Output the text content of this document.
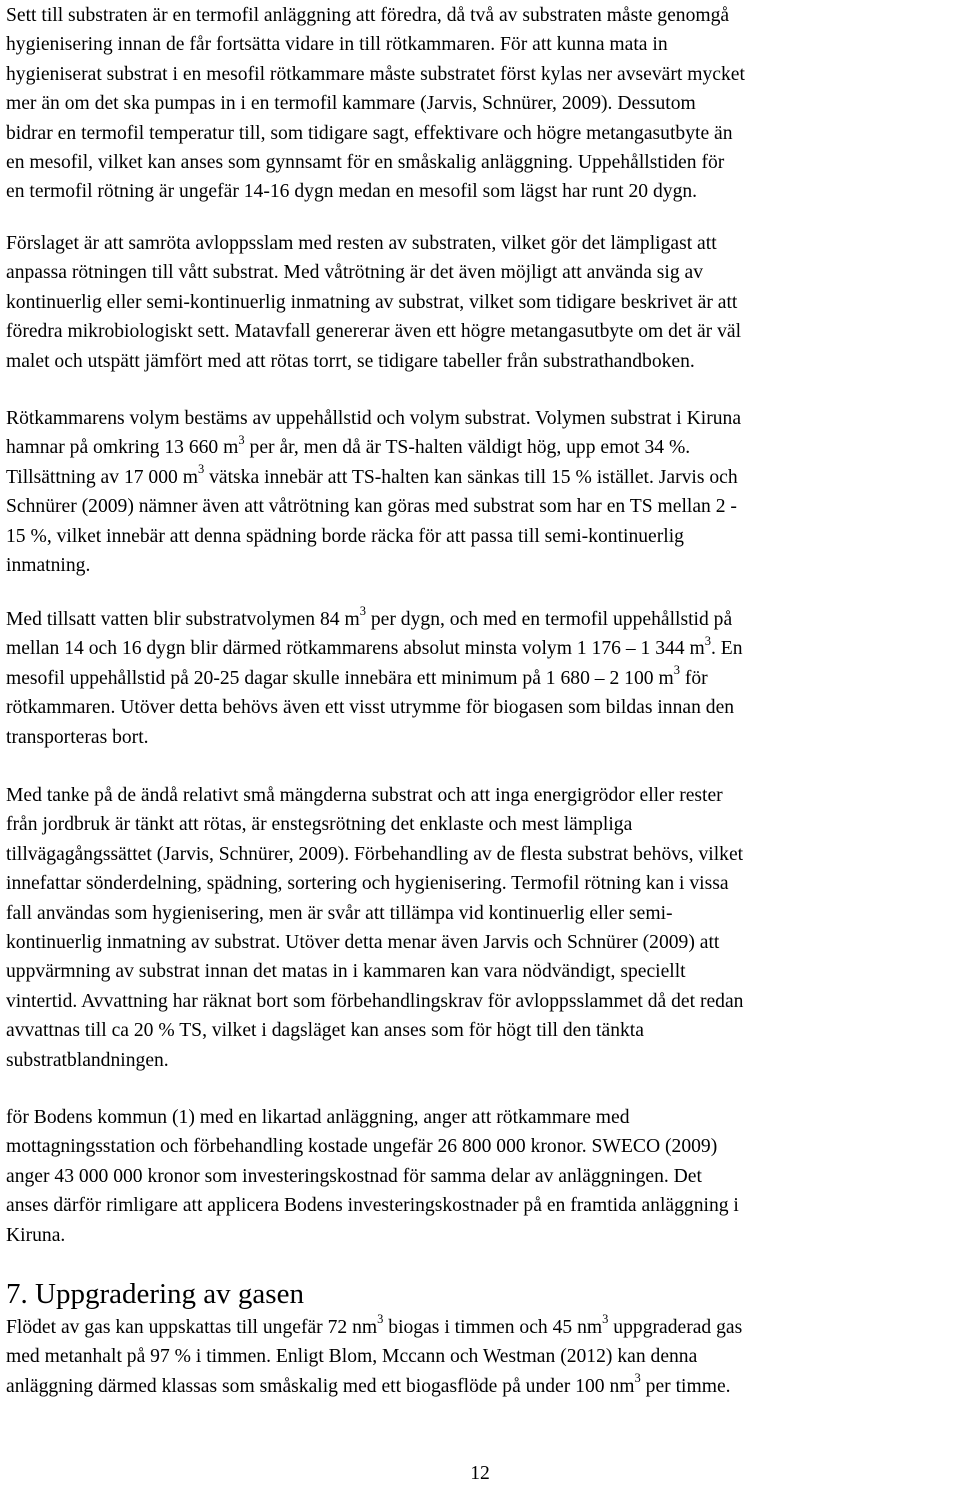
Sett till substraten är en termofil anläggning att föredra, då två av substraten måste genomgå
hygienisering innan de får fortsätta vidare in till rötkammaren. För att kunna mata in
hygieniserat substrat i en mesofil rötkammare måste substratet först kylas ner avsevärt mycket
mer än om det ska pumpas in i en termofil kammare (Jarvis, Schnürer, 2009). Dessutom
bidrar en termofil temperatur till, som tidigare sagt, effektivare och högre metangasutbyte än
en mesofil, vilket kan anses som gynnsamt för en småskalig anläggning. Uppehållstiden för
en termofil rötning är ungefär 14-16 dygn medan en mesofil som lägst har runt 20 dygn.
Förslaget är att samröta avloppsslam med resten av substraten, vilket gör det lämpligast att
anpassa rötningen till vått substrat. Med våtrötning är det även möjligt att använda sig av
kontinuerlig eller semi-kontinuerlig inmatning av substrat, vilket som tidigare beskrivet är att
föredra mikrobiologiskt sett. Matavfall genererar även ett högre metangasutbyte om det är väl
malet och utspätt jämfört med att rötas torrt, se tidigare tabeller från substrathandboken.
Rötkammarens volym bestäms av uppehållstid och volym substrat. Volymen substrat i Kiruna
hamnar på omkring 13 660 $m^3$ per år, men då är TS-halten väldigt hög, upp emot 34 %.
Tillsättning av 17 000 $m^3$ vätska innebär att TS-halten kan sänkas till 15 % istället. Jarvis och
Schnürer (2009) nämner även att våtrötning kan göras med substrat som har en TS mellan 2 -
15 %, vilket innebär att denna spädning borde räcka för att passa till semi-kontinuerlig
inmatning.
Med tillsatt vatten blir substratvolymen 84 $m^3$ per dygn, och med en termofil uppehållstid på
mellan 14 och 16 dygn blir därmed rötkammarens absolut minsta volym 1 176 – 1 344 $m^3$. En
mesofil uppehållstid på 20-25 dagar skulle innebära ett minimum på 1 680 – 2 100 $m^3$ för
rötkammaren. Utöver detta behövs även ett visst utrymme för biogasen som bildas innan den
transporteras bort.
Med tanke på de ändå relativt små mängderna substrat och att inga energigrödor eller rester
från jordbruk är tänkt att rötas, är enstegsrötning det enklaste och mest lämpliga
tillvägagångssättet (Jarvis, Schnürer, 2009). Förbehandling av de flesta substrat behövs, vilket
innefattar sönderdelning, spädning, sortering och hygienisering. Termofil rötning kan i vissa
fall användas som hygienisering, men är svår att tillämpa vid kontinuerlig eller semi-
kontinuerlig inmatning av substrat. Utöver detta menar även Jarvis och Schnürer (2009) att
uppvärmning av substrat innan det matas in i kammaren kan vara nödvändigt, speciellt
vintertid. Avvattning har räknat bort som förbehandlingskrav för avloppsslammet då det redan
avvattnas till ca 20 % TS, vilket i dagsläget kan anses som för högt till den tänkta
substratblandningen.
för Bodens kommun (1) med en likartad anläggning, anger att rötkammare med
mottagningsstation och förbehandling kostade ungefär 26 800 000 kronor. SWECO (2009)
anger 43 000 000 kronor som investeringskostnad för samma delar av anläggningen. Det
anses därför rimligare att applicera Bodens investeringskostnader på en framtida anläggning i
Kiruna.
7. Uppgradering av gasen
Flödet av gas kan uppskattas till ungefär 72 $nm^3$ biogas i timmen och 45 $nm^3$ uppgraderad gas
med metanhalt på 97 % i timmen. Enligt Blom, Mccann och Westman (2012) kan denna
anläggning därmed klassas som småskalig med ett biogasflöde på under 100 $nm^3$ per timme.
12
